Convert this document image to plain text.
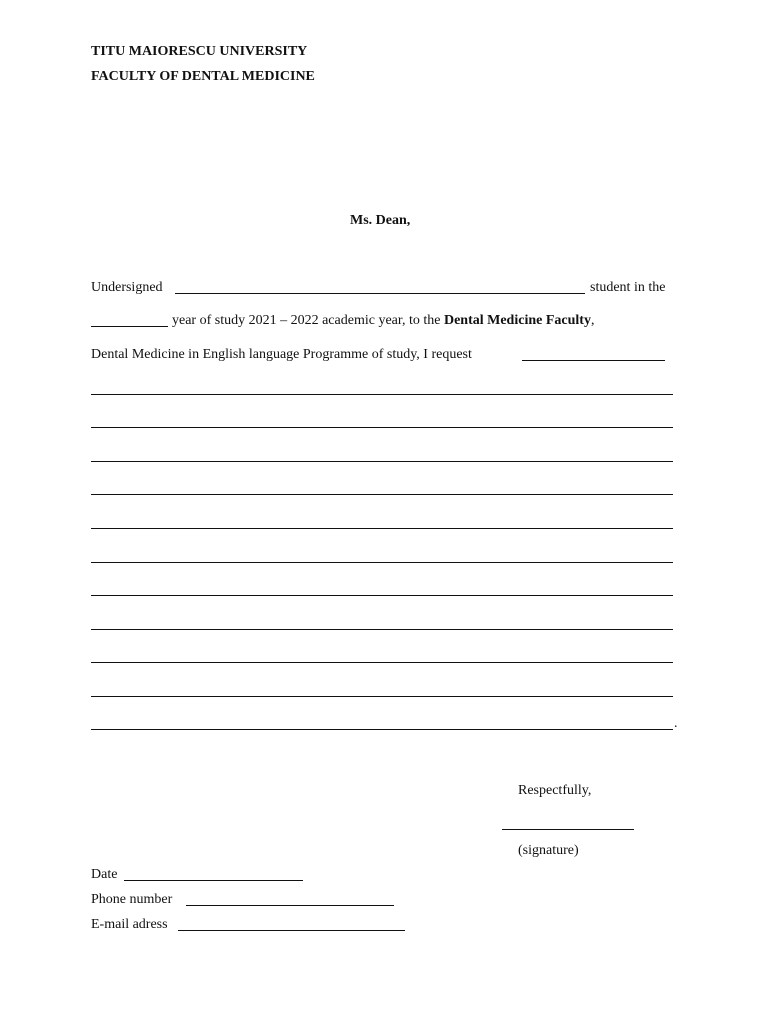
TITU MAIORESCU UNIVERSITY
FACULTY OF DENTAL MEDICINE
Ms. Dean,
Undersigned	student in the
year of study 2021 – 2022 academic year, to the Dental Medicine Faculty,
Dental Medicine in English language Programme of study, I request
.
Respectfully,
(signature)
Date
Phone number
E-mail adress
